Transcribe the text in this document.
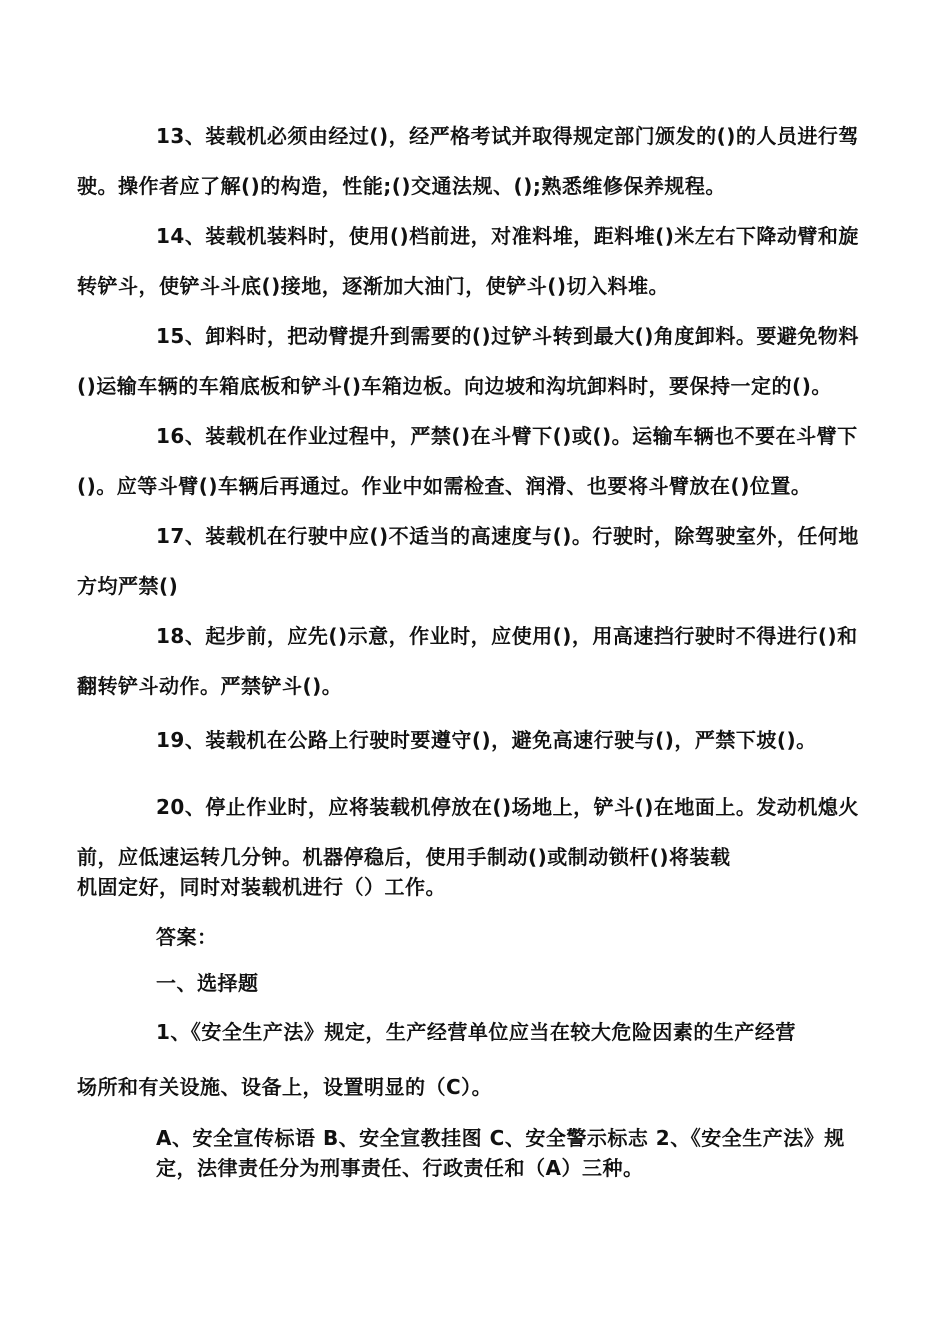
13、装载机必须由经过()，经严格考试并取得规定部门颁发的()的人员进行驾
驶。操作者应了解()的构造，性能;()交通法规、();熟悉维修保养规程。
14、装载机装料时，使用()档前进，对准料堆，距料堆()米左右下降动臂和旋
转铲斗，使铲斗斗底()接地，逐渐加大油门，使铲斗()切入料堆。
15、卸料时，把动臂提升到需要的()过铲斗转到最大()角度卸料。要避免物料
()运输车辆的车箱底板和铲斗()车箱边板。向边坡和沟坑卸料时，要保持一定的()。
16、装载机在作业过程中，严禁()在斗臂下()或()。运输车辆也不要在斗臂下
()。应等斗臂()车辆后再通过。作业中如需检查、润滑、也要将斗臂放在()位置。
17、装载机在行驶中应()不适当的高速度与()。行驶时，除驾驶室外，任何地
方均严禁()
18、起步前，应先()示意，作业时，应使用()，用高速挡行驶时不得进行()和
翻转铲斗动作。严禁铲斗()。
19、装载机在公路上行驶时要遵守()，避免高速行驶与()，严禁下坡()。
20、停止作业时，应将装载机停放在()场地上，铲斗()在地面上。发动机熄火
前，应低速运转几分钟。机器停稳后，使用手制动()或制动锁杆()将装载
机固定好，同时对装载机进行（）工作。
答案：
一、选择题
1、《安全生产法》规定，生产经营单位应当在较大危险因素的生产经营
场所和有关设施、设备上，设置明显的（C）。
A、安全宣传标语 B、安全宣教挂图 C、安全警示标志 2、《安全生产法》规
定，法律责任分为刑事责任、行政责任和（A）三种。
